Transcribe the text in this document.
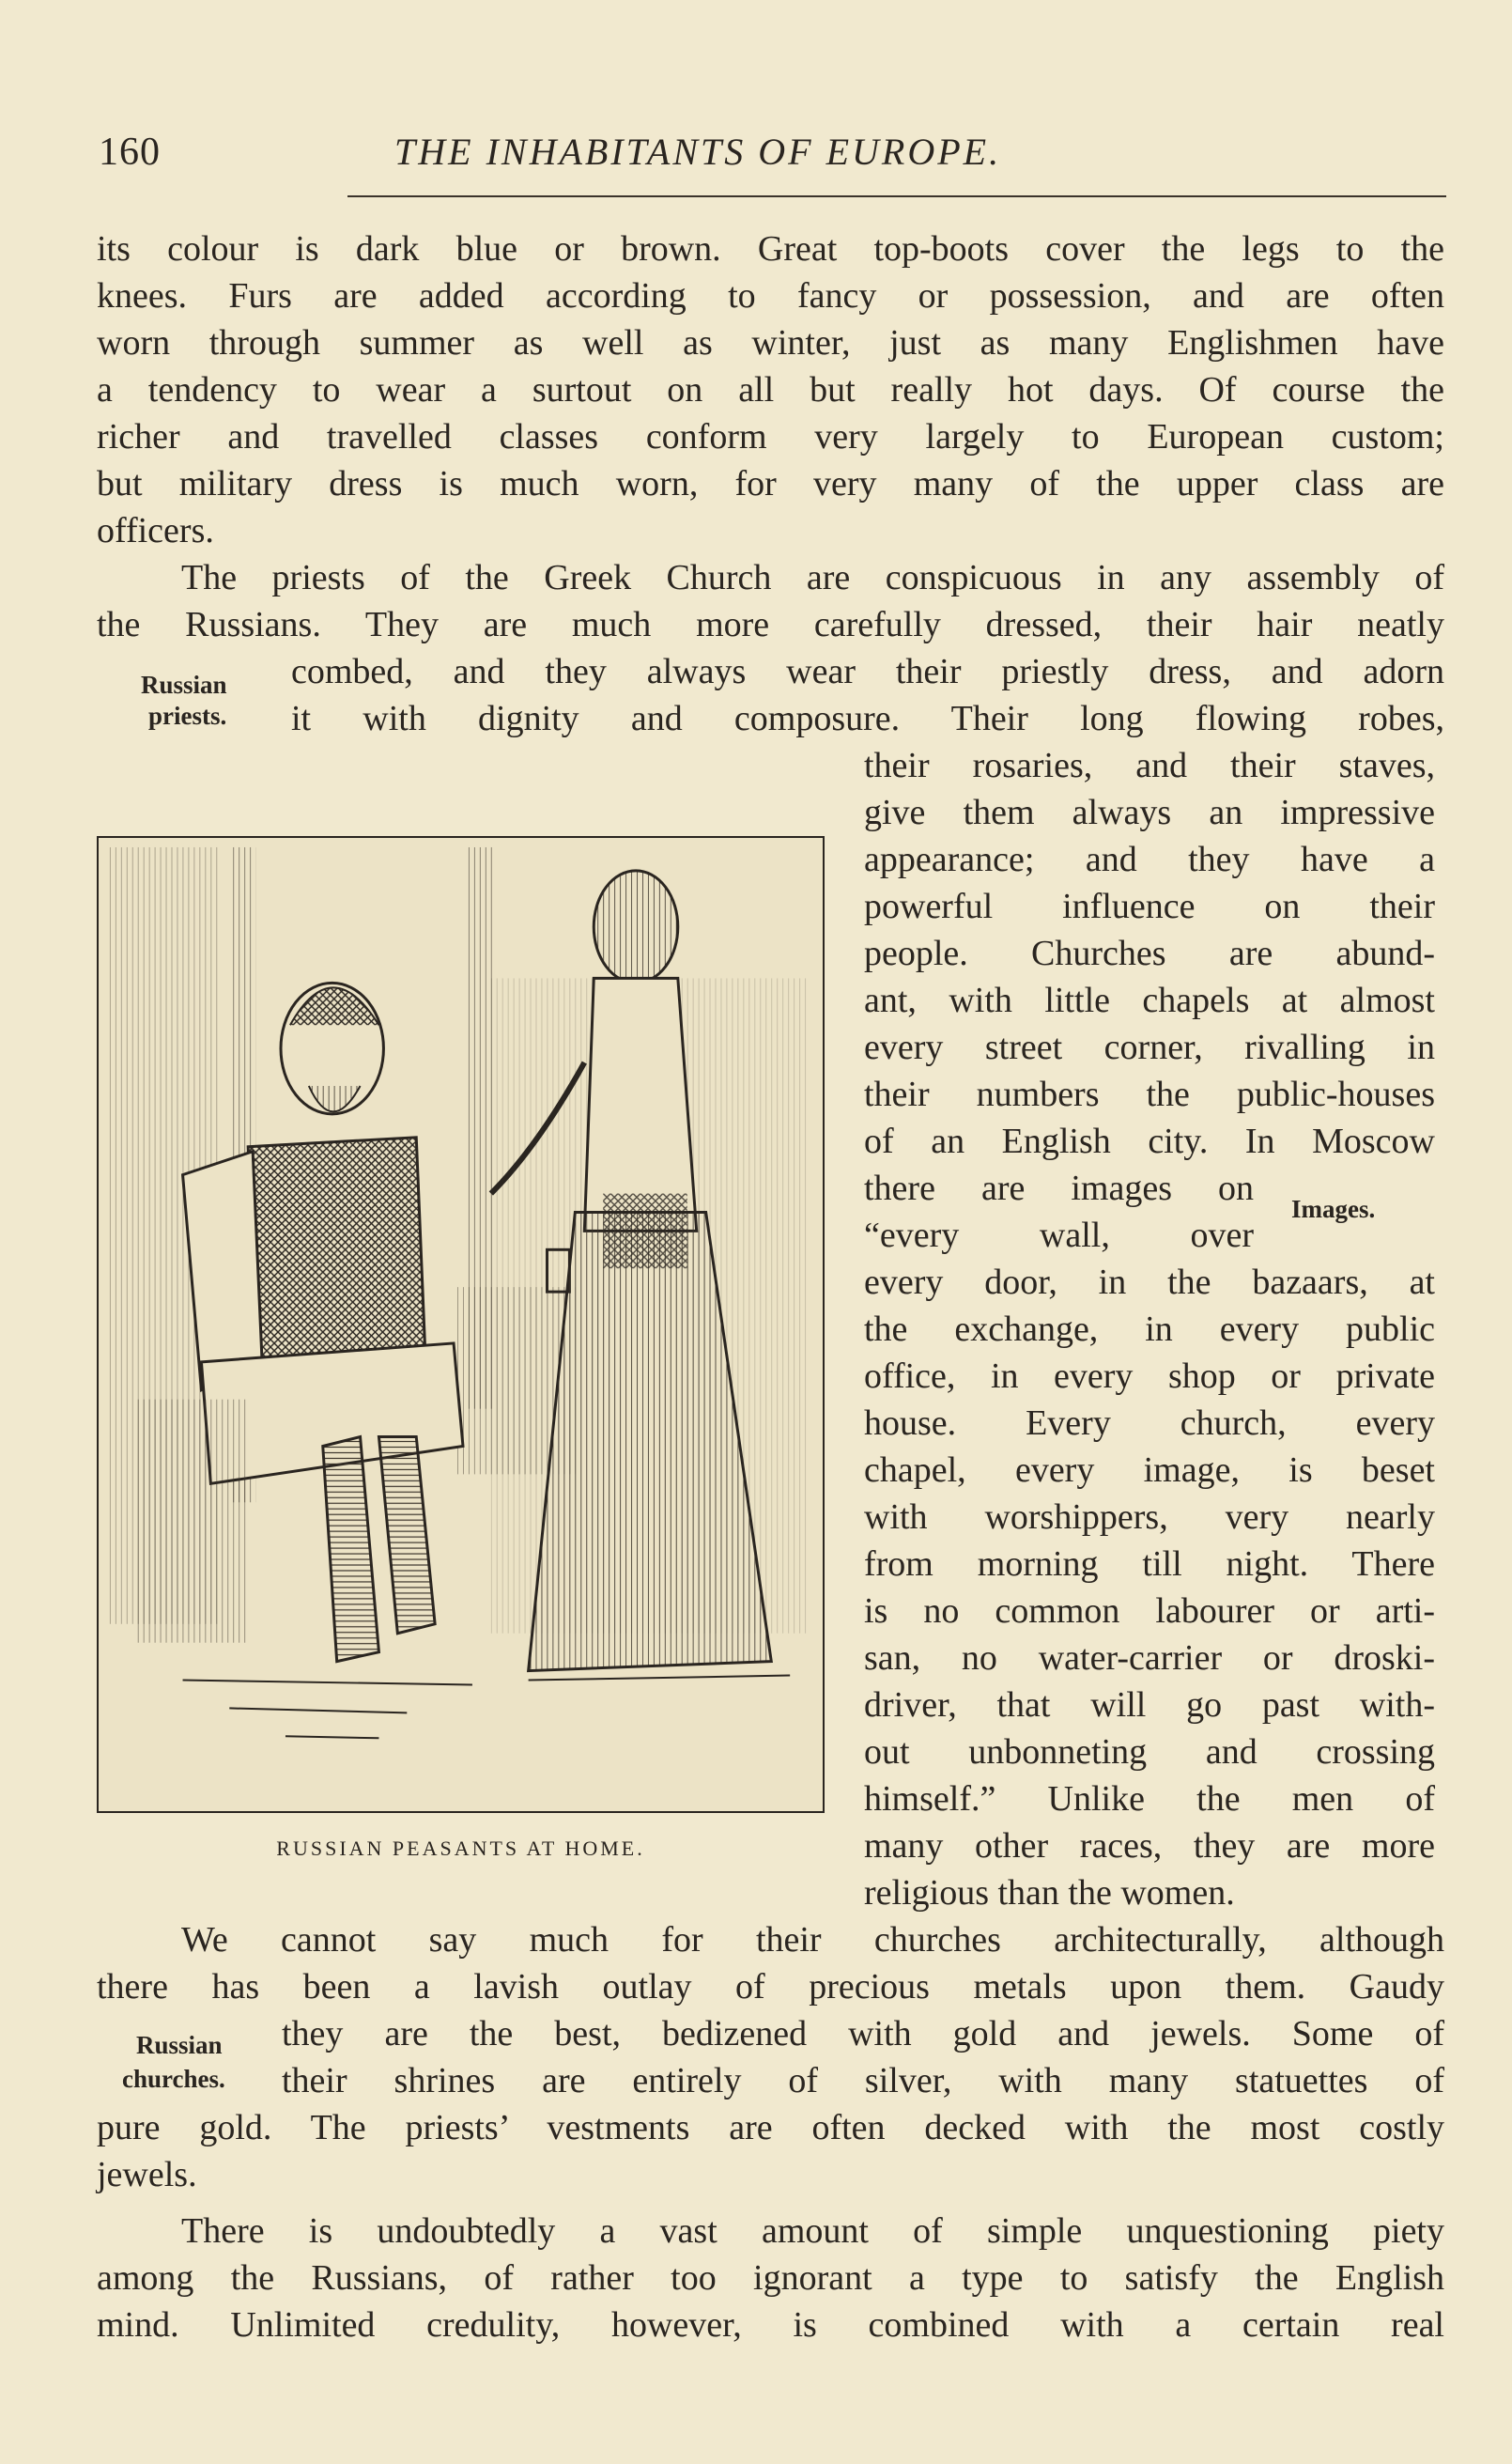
160	THE INHABITANTS OF EUROPE.
its colour is dark blue or brown. Great top-boots cover the legs to the
knees. Furs are added according to fancy or possession, and are often
worn through summer as well as winter, just as many Englishmen have
a tendency to wear a surtout on all but really hot days. Of course the
richer and travelled classes conform very largely to European custom;
but military dress is much worn, for very many of the upper class are
officers.
The priests of the Greek Church are conspicuous in any assembly of
the Russians. They are much more carefully dressed, their hair neatly
combed, and they always wear their priestly dress, and adorn
it with dignity and composure. Their long flowing robes,
Russian
priests.
their rosaries, and their staves,
give them always an impressive
appearance; and they have a
powerful influence on their
people. Churches are abund-
ant, with little chapels at almost
every street corner, rivalling in
their numbers the public-houses
of an English city. In Moscow
there are images on
“every wall, over
Images.
every door, in the bazaars, at
the exchange, in every public
office, in every shop or private
house. Every church, every
chapel, every image, is beset
with worshippers, very nearly
from morning till night. There
is no common labourer or arti-
san, no water-carrier or droski-
driver, that will go past with-
out unbonneting and crossing
himself.” Unlike the men of
many other races, they are more
religious than the women.
RUSSIAN PEASANTS AT HOME.
We cannot say much for their churches architecturally, although
there has been a lavish outlay of precious metals upon them. Gaudy
they are the best, bedizened with gold and jewels. Some of
their shrines are entirely of silver, with many statuettes of
pure gold. The priests’ vestments are often decked with the most costly
jewels.
Russian
churches.
There is undoubtedly a vast amount of simple unquestioning piety
among the Russians, of rather too ignorant a type to satisfy the English
mind. Unlimited credulity, however, is combined with a certain real
